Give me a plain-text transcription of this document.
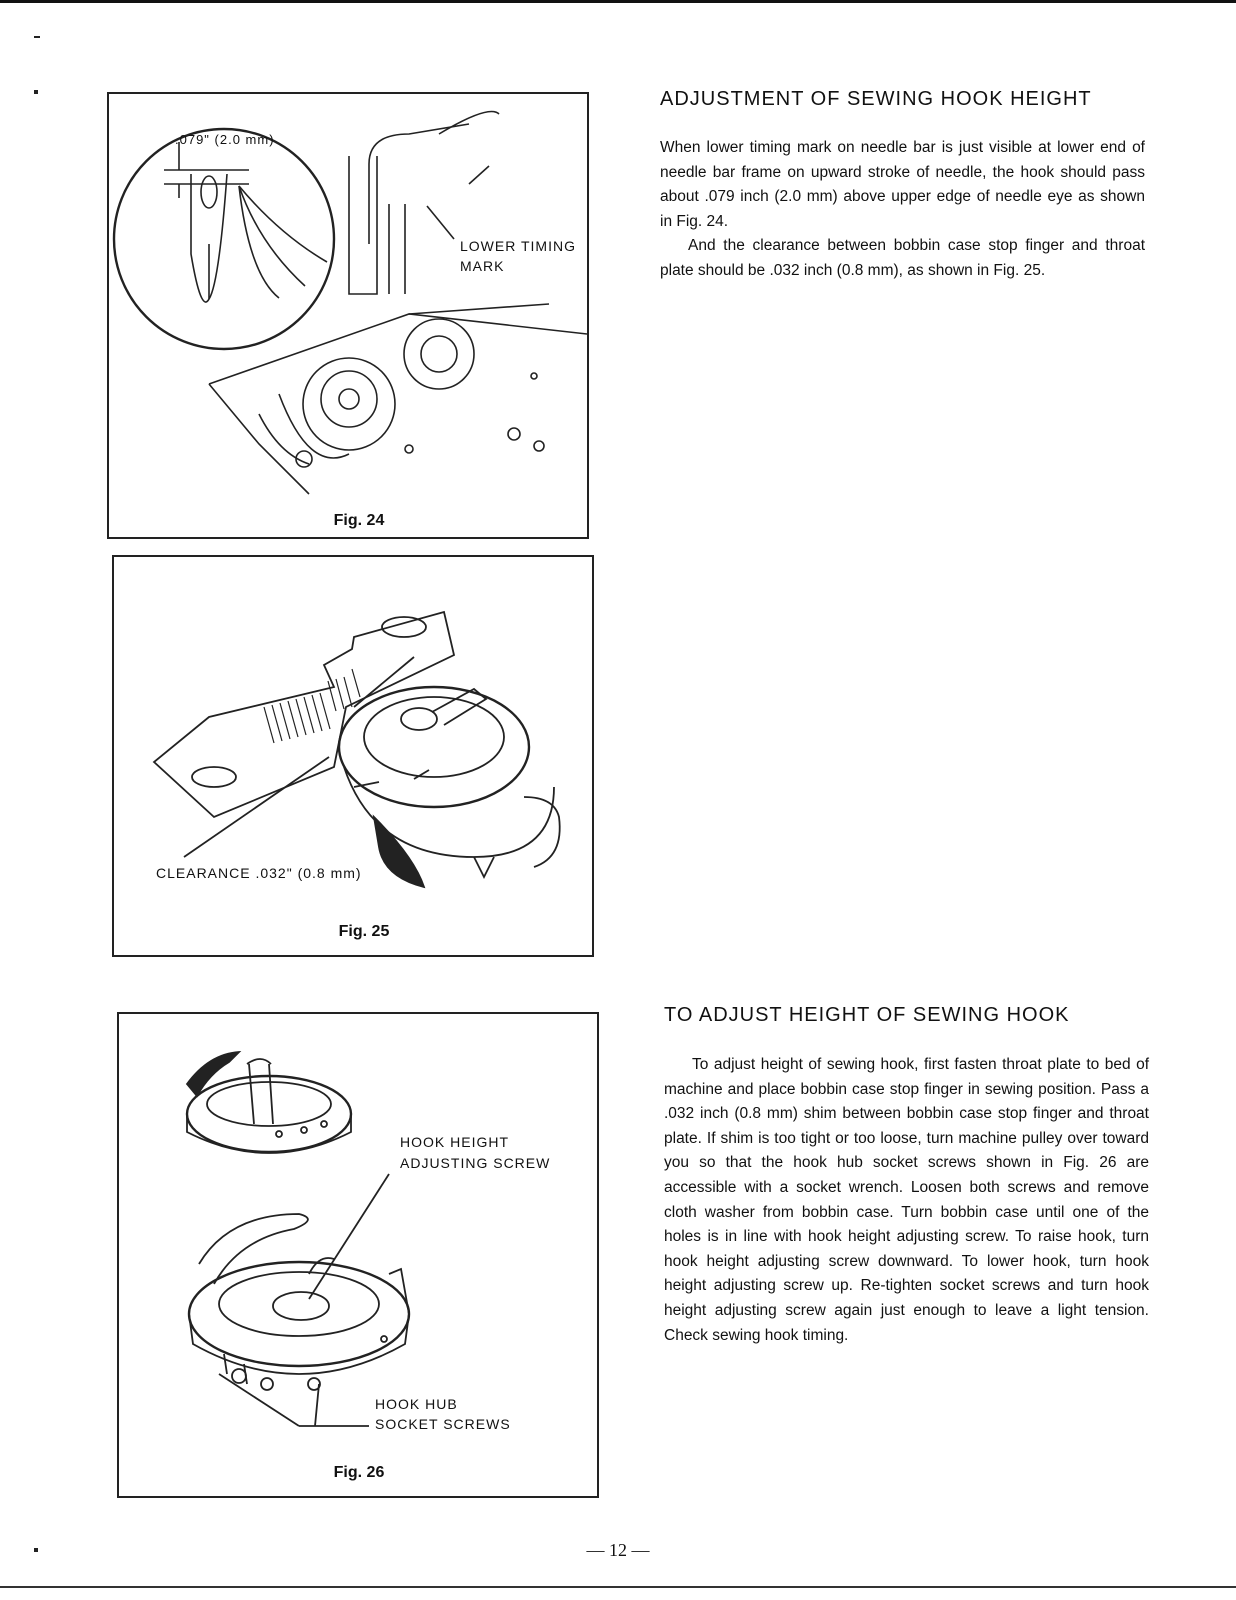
.079" (2.0 mm)
LOWER TIMING
MARK
Fig. 24
CLEARANCE .032" (0.8 mm)
Fig. 25
HOOK HEIGHT
ADJUSTING SCREW
HOOK HUB
SOCKET SCREWS
Fig. 26
ADJUSTMENT OF SEWING HOOK HEIGHT

When lower timing mark on needle bar is just visible at lower end of needle bar frame on upward stroke of needle, the hook should pass about .079 inch (2.0 mm) above upper edge of needle eye as shown in Fig. 24.

And the clearance between bobbin case stop finger and throat plate should be .032 inch (0.8 mm), as shown in Fig. 25.

TO ADJUST HEIGHT OF SEWING HOOK

To adjust height of sewing hook, first fasten throat plate to bed of machine and place bobbin case stop finger in sewing position. Pass a .032 inch (0.8 mm) shim between bobbin case stop finger and throat plate. If shim is too tight or too loose, turn machine pulley over toward you so that the hook hub socket screws shown in Fig. 26 are accessible with a socket wrench. Loosen both screws and remove cloth washer from bobbin case. Turn bobbin case until one of the holes is in line with hook height adjusting screw. To raise hook, turn hook height adjusting screw downward. To lower hook, turn hook height adjusting screw up. Re-tighten socket screws and turn hook height adjusting screw again just enough to leave a light tension. Check sewing hook timing.

— 12 —
